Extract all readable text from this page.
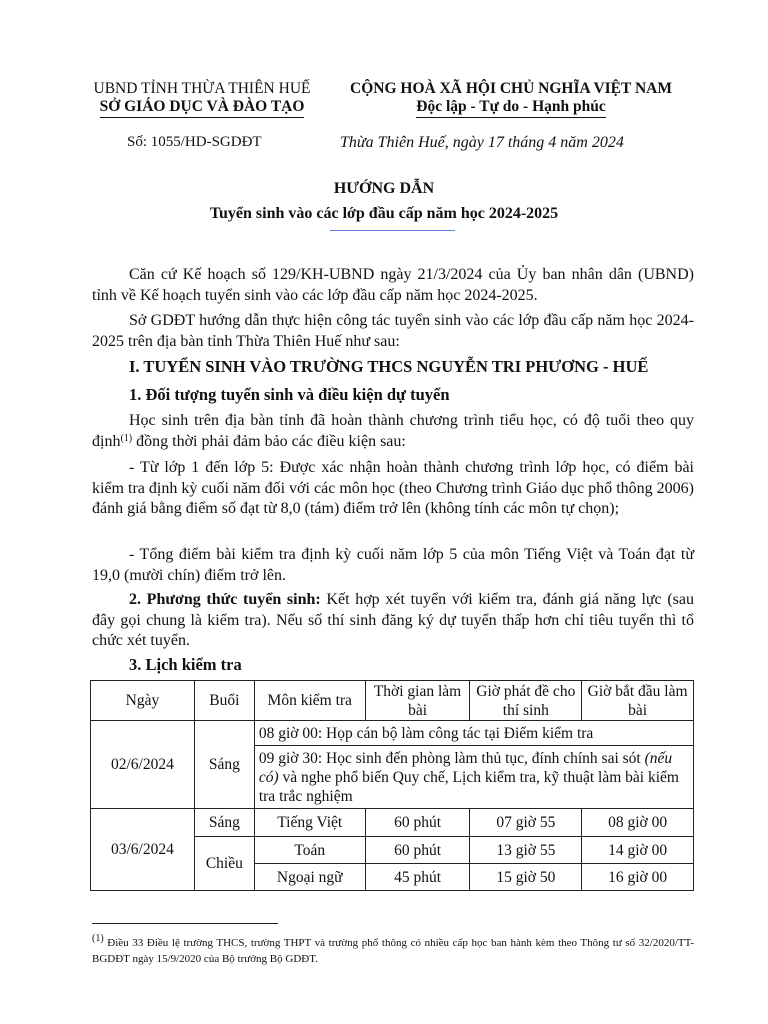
UBND TỈNH THỪA THIÊN HUẾ
SỞ GIÁO DỤC VÀ ĐÀO TẠO
CỘNG HOÀ XÃ HỘI CHỦ NGHĨA VIỆT NAM
Độc lập - Tự do - Hạnh phúc
Số: 1055/HD-SGDĐT	Thừa Thiên Huế, ngày 17 tháng 4 năm 2024
HƯỚNG DẪN
Tuyển sinh vào các lớp đầu cấp năm học 2024-2025
Căn cứ Kế hoạch số 129/KH-UBND ngày 21/3/2024 của Ủy ban nhân dân (UBND) tỉnh về Kế hoạch tuyển sinh vào các lớp đầu cấp năm học 2024-2025.
Sở GDĐT hướng dẫn thực hiện công tác tuyển sinh vào các lớp đầu cấp năm học 2024-2025 trên địa bàn tỉnh Thừa Thiên Huế như sau:
I. TUYỂN SINH VÀO TRƯỜNG THCS NGUYỄN TRI PHƯƠNG - HUẾ
1. Đối tượng tuyển sinh và điều kiện dự tuyển
Học sinh trên địa bàn tỉnh đã hoàn thành chương trình tiểu học, có độ tuổi theo quy định$^{(1)}$ đồng thời phải đảm bảo các điều kiện sau:
- Từ lớp 1 đến lớp 5: Được xác nhận hoàn thành chương trình lớp học, có điểm bài kiểm tra định kỳ cuối năm đối với các môn học (theo Chương trình Giáo dục phổ thông 2006) đánh giá bằng điểm số đạt từ 8,0 (tám) điểm trở lên (không tính các môn tự chọn);
- Tổng điểm bài kiểm tra định kỳ cuối năm lớp 5 của môn Tiếng Việt và Toán đạt từ 19,0 (mười chín) điểm trở lên.
2. Phương thức tuyển sinh: Kết hợp xét tuyển với kiểm tra, đánh giá năng lực (sau đây gọi chung là kiểm tra). Nếu số thí sinh đăng ký dự tuyển thấp hơn chỉ tiêu tuyển thì tổ chức xét tuyển.
3. Lịch kiểm tra
Ngày	Buổi	Môn kiểm tra	Thời gian làm bài	Giờ phát đề cho thí sinh	Giờ bắt đầu làm bài
02/6/2024	Sáng	08 giờ 00: Họp cán bộ làm công tác tại Điểm kiểm tra			
		09 giờ 30: Học sinh đến phòng làm thủ tục, đính chính sai sót (nếu có) và nghe phổ biến Quy chế, Lịch kiểm tra, kỹ thuật làm bài kiểm tra trắc nghiệm			
03/6/2024	Sáng	Tiếng Việt	60 phút	07 giờ 55	08 giờ 00
	Chiều	Toán	60 phút	13 giờ 55	14 giờ 00
		Ngoại ngữ	45 phút	15 giờ 50	16 giờ 00
$^{(1)}$ Điều 33 Điều lệ trường THCS, trường THPT và trường phổ thông có nhiều cấp học ban hành kèm theo Thông tư số 32/2020/TT-BGDĐT ngày 15/9/2020 của Bộ trưởng Bộ GDĐT.
